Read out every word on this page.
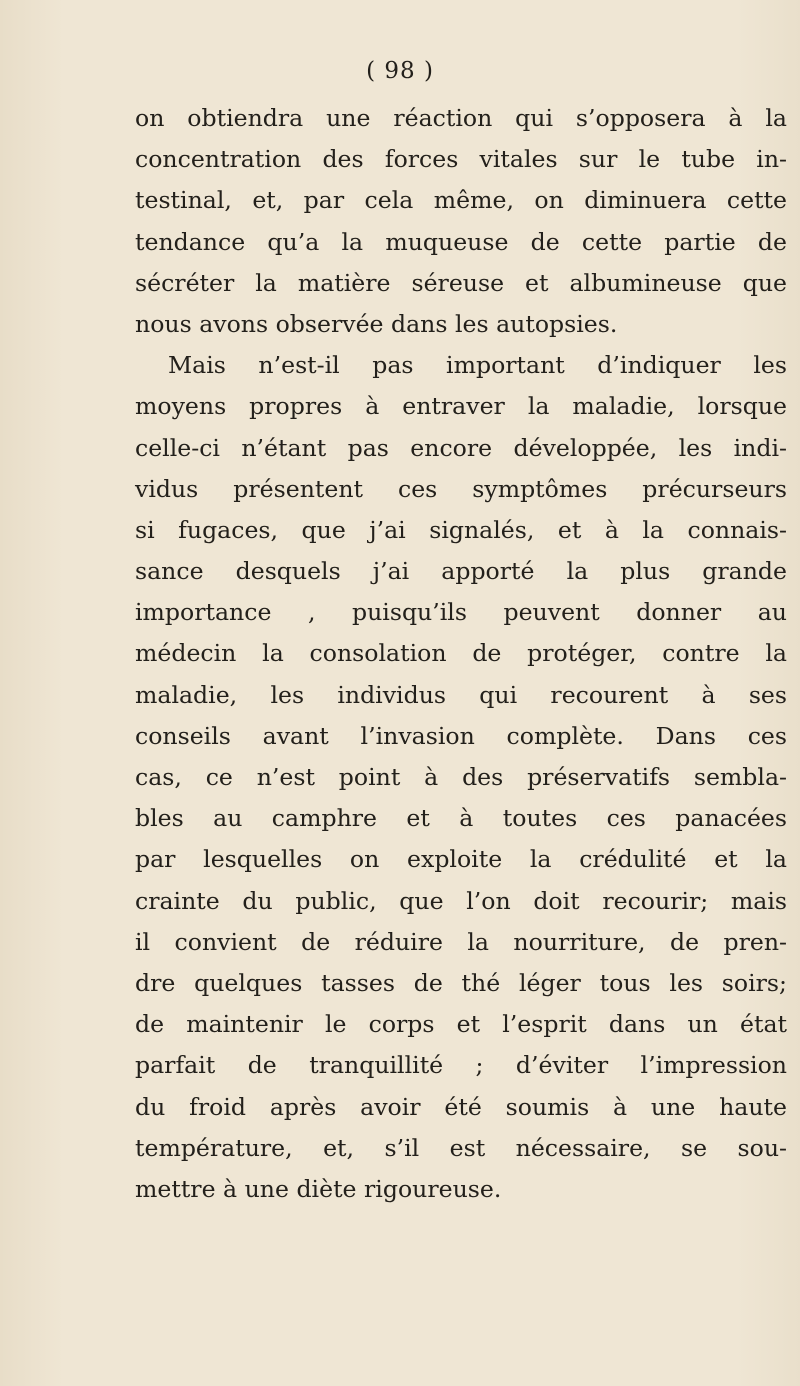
( 98 )
on obtiendra une réaction qui s’opposera à la
concentration des forces vitales sur le tube in-
testinal, et, par cela même, on diminuera cette
tendance qu’a la muqueuse de cette partie de
sécréter la matière séreuse et albumineuse que
nous avons observée dans les autopsies.
Mais n’est-il pas important d’indiquer les
moyens propres à entraver la maladie, lorsque
celle-ci n’étant pas encore développée, les indi-
vidus présentent ces symptômes précurseurs
si fugaces, que j’ai signalés, et à la connais-
sance desquels j’ai apporté la plus grande
importance , puisqu’ils peuvent donner au
médecin la consolation de protéger, contre la
maladie, les individus qui recourent à ses
conseils avant l’invasion complète. Dans ces
cas, ce n’est point à des préservatifs sembla-
bles au camphre et à toutes ces panacées
par lesquelles on exploite la crédulité et la
crainte du public, que l’on doit recourir; mais
il convient de réduire la nourriture, de pren-
dre quelques tasses de thé léger tous les soirs;
de maintenir le corps et l’esprit dans un état
parfait de tranquillité ; d’éviter l’impression
du froid après avoir été soumis à une haute
température, et, s’il est nécessaire, se sou-
mettre à une diète rigoureuse.
